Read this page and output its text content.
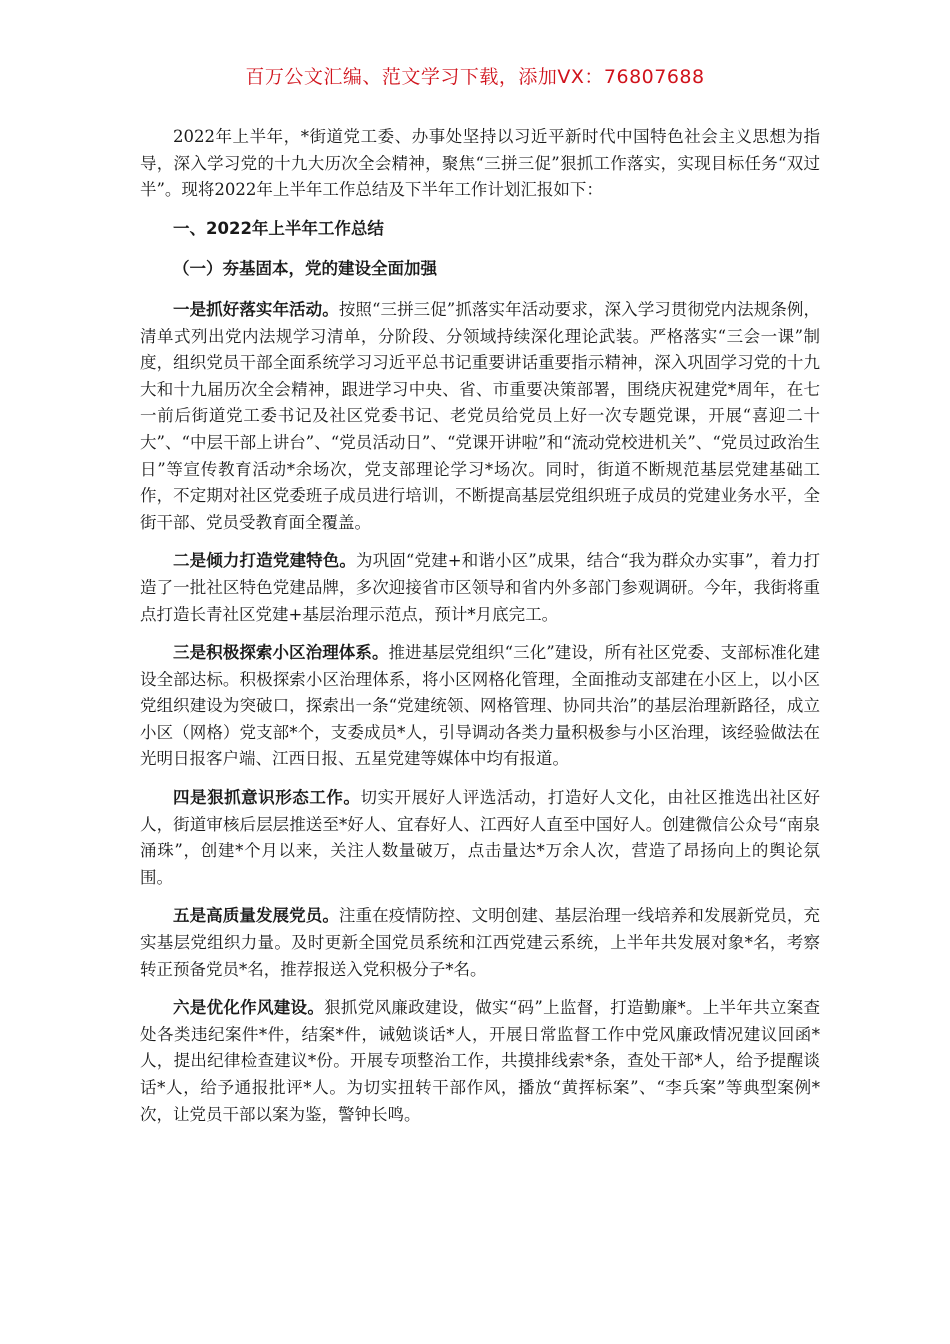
百万公文汇编、范文学习下载，添加VX：76807688

2022年上半年，*街道党工委、办事处坚持以习近平新时代中国特色社会主义思想为指导，深入学习党的十九大历次全会精神，聚焦“三拼三促”狠抓工作落实，实现目标任务“双过半”。现将2022年上半年工作总结及下半年工作计划汇报如下：

一、2022年上半年工作总结

（一）夯基固本，党的建设全面加强

一是抓好落实年活动。按照“三拼三促”抓落实年活动要求，深入学习贯彻党内法规条例，清单式列出党内法规学习清单，分阶段、分领域持续深化理论武装。严格落实“三会一课”制度，组织党员干部全面系统学习习近平总书记重要讲话重要指示精神，深入巩固学习党的十九大和十九届历次全会精神，跟进学习中央、省、市重要决策部署，围绕庆祝建党*周年，在七一前后街道党工委书记及社区党委书记、老党员给党员上好一次专题党课，开展“喜迎二十大”、“中层干部上讲台”、“党员活动日”、“党课开讲啦”和“流动党校进机关”、“党员过政治生日”等宣传教育活动*余场次，党支部理论学习*场次。同时，街道不断规范基层党建基础工作，不定期对社区党委班子成员进行培训，不断提高基层党组织班子成员的党建业务水平，全街干部、党员受教育面全覆盖。

二是倾力打造党建特色。为巩固“党建+和谐小区”成果，结合“我为群众办实事”，着力打造了一批社区特色党建品牌，多次迎接省市区领导和省内外多部门参观调研。今年，我街将重点打造长青社区党建+基层治理示范点，预计*月底完工。

三是积极探索小区治理体系。推进基层党组织“三化”建设，所有社区党委、支部标准化建设全部达标。积极探索小区治理体系，将小区网格化管理，全面推动支部建在小区上，以小区党组织建设为突破口，探索出一条“党建统领、网格管理、协同共治”的基层治理新路径，成立小区（网格）党支部*个，支委成员*人，引导调动各类力量积极参与小区治理，该经验做法在光明日报客户端、江西日报、五星党建等媒体中均有报道。

四是狠抓意识形态工作。切实开展好人评选活动，打造好人文化，由社区推选出社区好人，街道审核后层层推送至*好人、宜春好人、江西好人直至中国好人。创建微信公众号“南泉涌珠”，创建*个月以来，关注人数量破万，点击量达*万余人次，营造了昂扬向上的舆论氛围。

五是高质量发展党员。注重在疫情防控、文明创建、基层治理一线培养和发展新党员，充实基层党组织力量。及时更新全国党员系统和江西党建云系统，上半年共发展对象*名，考察转正预备党员*名，推荐报送入党积极分子*名。

六是优化作风建设。狠抓党风廉政建设，做实“码”上监督，打造勤廉*。上半年共立案查处各类违纪案件*件，结案*件，诫勉谈话*人，开展日常监督工作中党风廉政情况建议回函*人，提出纪律检查建议*份。开展专项整治工作，共摸排线索*条，查处干部*人，给予提醒谈话*人，给予通报批评*人。为切实扭转干部作风，播放“黄挥标案”、“李兵案”等典型案例*次，让党员干部以案为鉴，警钟长鸣。
